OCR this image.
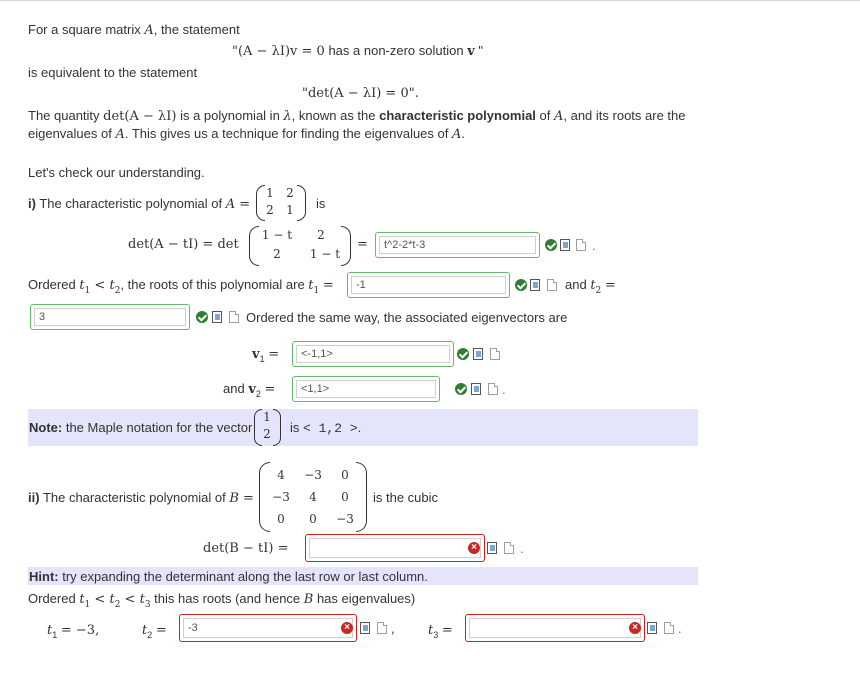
For a square matrix A, the statement
"(A − λI)v = 0 has a non-zero solution v "
is equivalent to the statement
"det(A − λI) = 0".
The quantity det(A − λI) is a polynomial in λ, known as the characteristic polynomial of A, and its roots are the
eigenvalues of A. This gives us a technique for finding the eigenvalues of A.
Let's check our understanding.
i) The characteristic polynomial of A =
1	2
2	1	is
det(A − tI) = det
1 − t	2
2	1 − t
=
t^2-2*t-3	.
Ordered $t_1 < t_2$, the roots of this polynomial are $t_1$ =
-1	and $t_2$ =
3
Ordered the same way, the associated eigenvectors are
$v_1$ =
<-1,1>
and $v_2$ =
<1,1>	.
Note: the Maple notation for the vector
1
2 is < 1,2 >.
ii) The characteristic polynomial of B =
4	−3	0
−3	4	0
0	0	−3
is the cubic
det(B − tI) =	×	.
Hint: try expanding the determinant along the last row or last column.
Ordered $t_1 < t_2 < t_3$ this has roots (and hence B has eigenvalues)
$t_1 = -3$,	$t_2$ =
-3	×	,	$t_3$ =	×	.
